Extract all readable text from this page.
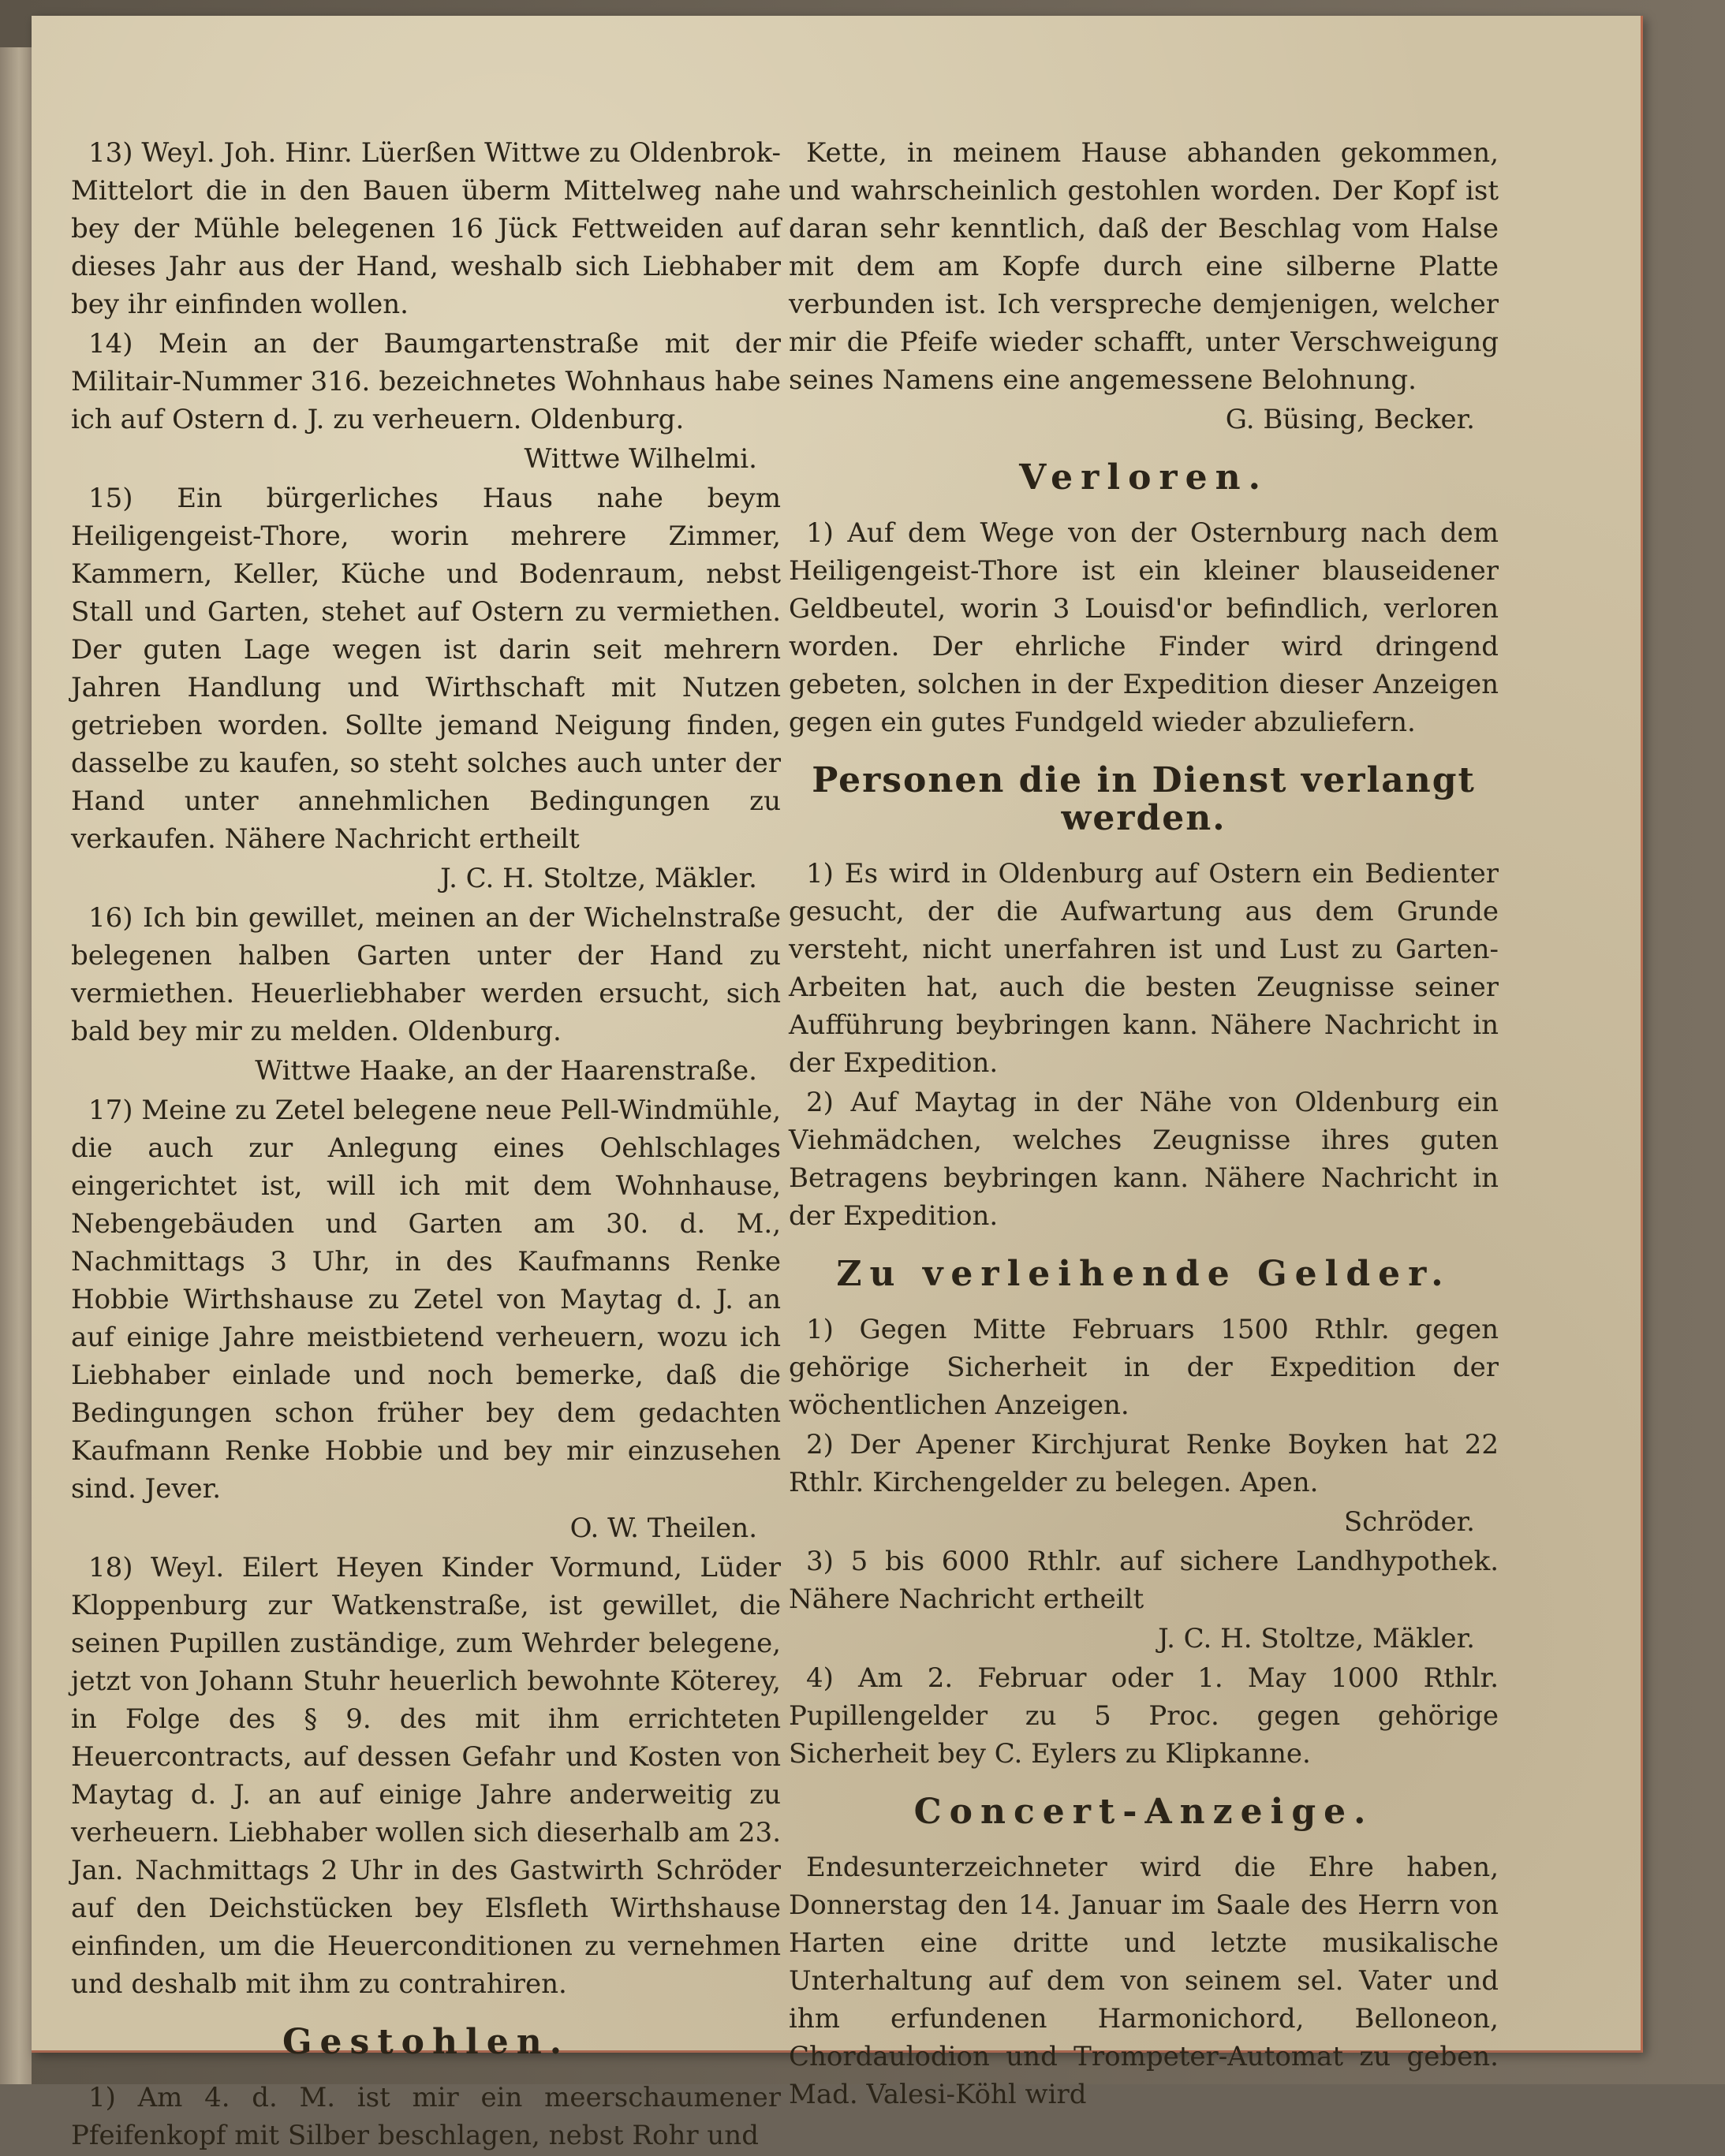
13) Weyl. Joh. Hinr. Lüerßen Wittwe zu Oldenbrok-Mittelort die in den Bauen überm Mittelweg nahe bey der Mühle belegenen 16 Jück Fettweiden auf dieses Jahr aus der Hand, weshalb sich Liebhaber bey ihr einfinden wollen.

14) Mein an der Baumgartenstraße mit der Militair-Nummer 316. bezeichnetes Wohnhaus habe ich auf Ostern d. J. zu verheuern. Oldenburg.

Wittwe Wilhelmi.

15) Ein bürgerliches Haus nahe beym Heiligengeist-Thore, worin mehrere Zimmer, Kammern, Keller, Küche und Bodenraum, nebst Stall und Garten, stehet auf Ostern zu vermiethen. Der guten Lage wegen ist darin seit mehrern Jahren Handlung und Wirthschaft mit Nutzen getrieben worden. Sollte jemand Neigung finden, dasselbe zu kaufen, so steht solches auch unter der Hand unter annehmlichen Bedingungen zu verkaufen. Nähere Nachricht ertheilt

J. C. H. Stoltze, Mäkler.

16) Ich bin gewillet, meinen an der Wichelnstraße belegenen halben Garten unter der Hand zu vermiethen. Heuerliebhaber werden ersucht, sich bald bey mir zu melden. Oldenburg.

Wittwe Haake, an der Haarenstraße.

17) Meine zu Zetel belegene neue Pell-Windmühle, die auch zur Anlegung eines Oehlschlages eingerichtet ist, will ich mit dem Wohnhause, Nebengebäuden und Garten am 30. d. M., Nachmittags 3 Uhr, in des Kaufmanns Renke Hobbie Wirthshause zu Zetel von Maytag d. J. an auf einige Jahre meistbietend verheuern, wozu ich Liebhaber einlade und noch bemerke, daß die Bedingungen schon früher bey dem gedachten Kaufmann Renke Hobbie und bey mir einzusehen sind. Jever.

O. W. Theilen.

18) Weyl. Eilert Heyen Kinder Vormund, Lüder Kloppenburg zur Watkenstraße, ist gewillet, die seinen Pupillen zuständige, zum Wehrder belegene, jetzt von Johann Stuhr heuerlich bewohnte Köterey, in Folge des § 9. des mit ihm errichteten Heuercontracts, auf dessen Gefahr und Kosten von Maytag d. J. an auf einige Jahre anderweitig zu verheuern. Liebhaber wollen sich dieserhalb am 23. Jan. Nachmittags 2 Uhr in des Gastwirth Schröder auf den Deichstücken bey Elsfleth Wirthshause einfinden, um die Heuerconditionen zu vernehmen und deshalb mit ihm zu contrahiren.

Gestohlen.

1) Am 4. d. M. ist mir ein meerschaumener Pfeifenkopf mit Silber beschlagen, nebst Rohr und

Kette, in meinem Hause abhanden gekommen, und wahrscheinlich gestohlen worden. Der Kopf ist daran sehr kenntlich, daß der Beschlag vom Halse mit dem am Kopfe durch eine silberne Platte verbunden ist. Ich verspreche demjenigen, welcher mir die Pfeife wieder schafft, unter Verschweigung seines Namens eine angemessene Belohnung.

G. Büsing, Becker.

Verloren.

1) Auf dem Wege von der Osternburg nach dem Heiligengeist-Thore ist ein kleiner blauseidener Geldbeutel, worin 3 Louisd'or befindlich, verloren worden. Der ehrliche Finder wird dringend gebeten, solchen in der Expedition dieser Anzeigen gegen ein gutes Fundgeld wieder abzuliefern.

Personen die in Dienst verlangt werden.

1) Es wird in Oldenburg auf Ostern ein Bedienter gesucht, der die Aufwartung aus dem Grunde versteht, nicht unerfahren ist und Lust zu Garten-Arbeiten hat, auch die besten Zeugnisse seiner Aufführung beybringen kann. Nähere Nachricht in der Expedition.

2) Auf Maytag in der Nähe von Oldenburg ein Viehmädchen, welches Zeugnisse ihres guten Betragens beybringen kann. Nähere Nachricht in der Expedition.

Zu verleihende Gelder.

1) Gegen Mitte Februars 1500 Rthlr. gegen gehörige Sicherheit in der Expedition der wöchentlichen Anzeigen.

2) Der Apener Kirchjurat Renke Boyken hat 22 Rthlr. Kirchengelder zu belegen. Apen.

Schröder.

3) 5 bis 6000 Rthlr. auf sichere Landhypothek. Nähere Nachricht ertheilt

J. C. H. Stoltze, Mäkler.

4) Am 2. Februar oder 1. May 1000 Rthlr. Pupillengelder zu 5 Proc. gegen gehörige Sicherheit bey C. Eylers zu Klipkanne.

Concert-Anzeige.

Endesunterzeichneter wird die Ehre haben, Donnerstag den 14. Januar im Saale des Herrn von Harten eine dritte und letzte musikalische Unterhaltung auf dem von seinem sel. Vater und ihm erfundenen Harmonichord, Belloneon, Chordaulodion und Trompeter-Automat zu geben. Mad. Valesi-Köhl wird
